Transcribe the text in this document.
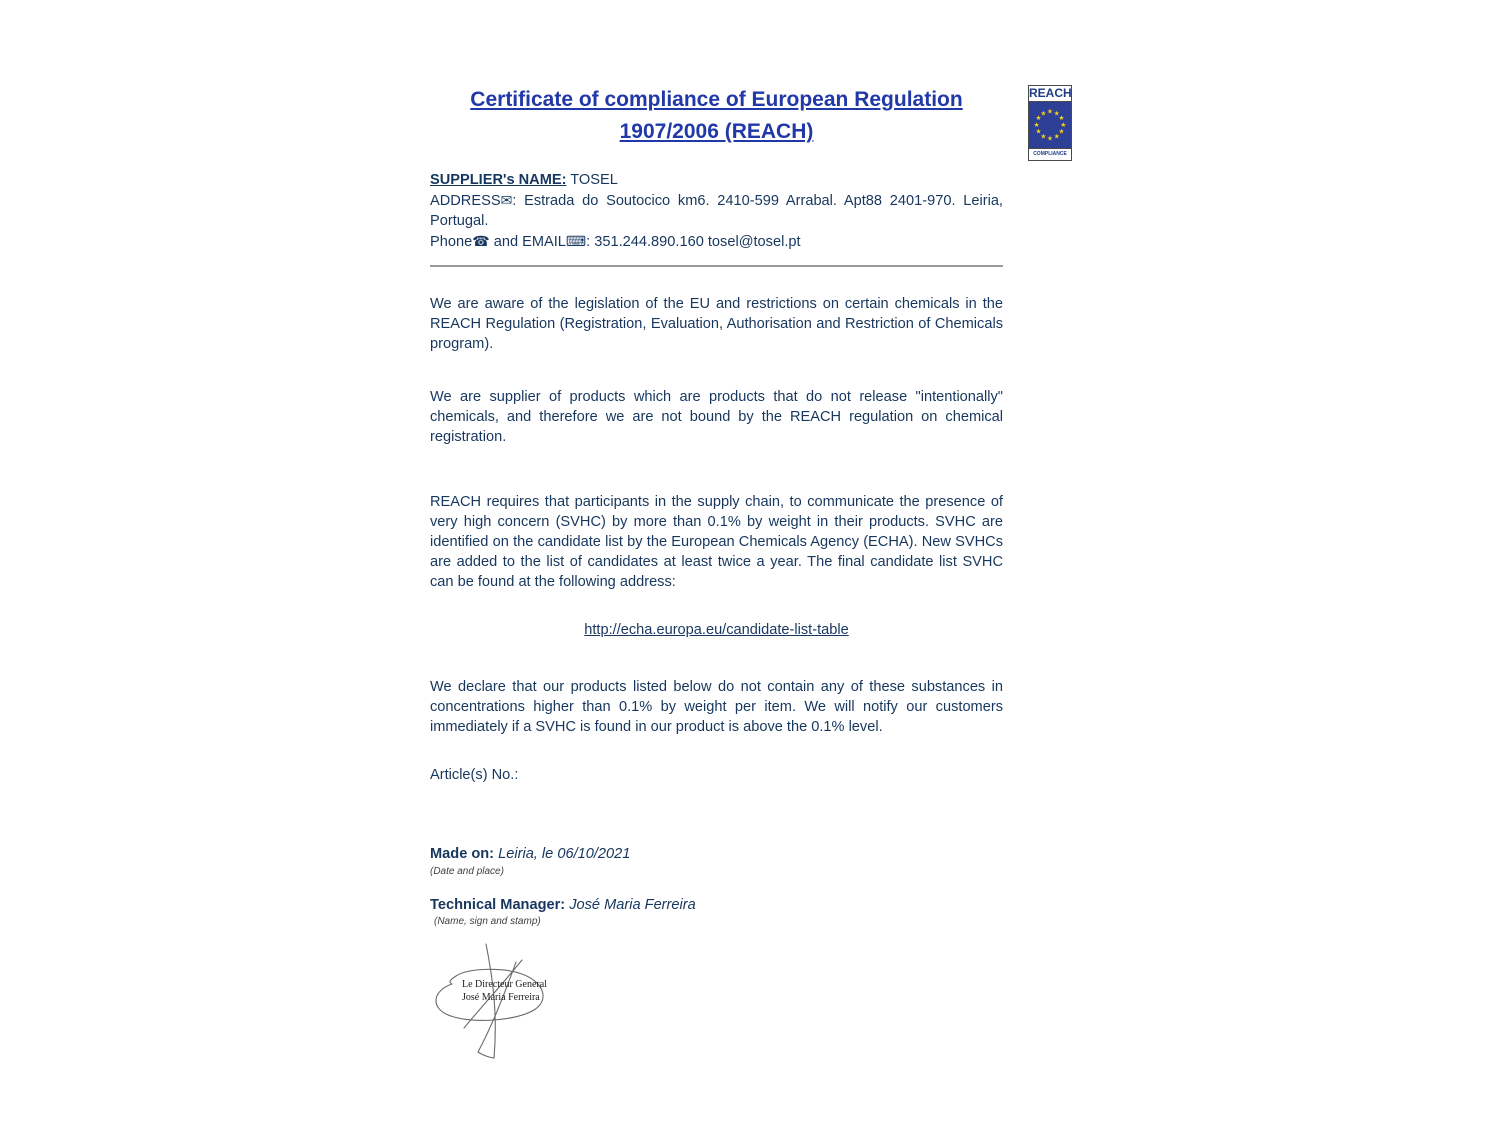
Certificate of compliance of European Regulation
1907/2006 (REACH)
REACH
★ ★
★
★
★
★
★
★
★
★
★
★
COMPLIANCE
SUPPLIER's NAME: TOSEL
ADDRESS✉: Estrada do Soutocico km6. 2410-599 Arrabal. Apt88 2401-970. Leiria, Portugal.
Phone☎ and EMAIL⌨: 351.244.890.160 tosel@tosel.pt
We are aware of the legislation of the EU and restrictions on certain chemicals in the REACH Regulation (Registration, Evaluation, Authorisation and Restriction of Chemicals program).
We are supplier of products which are products that do not release "intentionally" chemicals, and therefore we are not bound by the REACH regulation on chemical registration.
REACH requires that participants in the supply chain, to communicate the presence of very high concern (SVHC) by more than 0.1% by weight in their products. SVHC are identified on the candidate list by the European Chemicals Agency (ECHA). New SVHCs are added to the list of candidates at least twice a year. The final candidate list SVHC can be found at the following address:
http://echa.europa.eu/candidate-list-table
We declare that our products listed below do not contain any of these substances in concentrations higher than 0.1% by weight per item. We will notify our customers immediately if a SVHC is found in our product is above the 0.1% level.
Article(s) No.:
Made on: Leiria, le 06/10/2021
(Date and place)
Technical Manager: José Maria Ferreira
(Name, sign and stamp)
Le Directeur General
José Maria Ferreira
